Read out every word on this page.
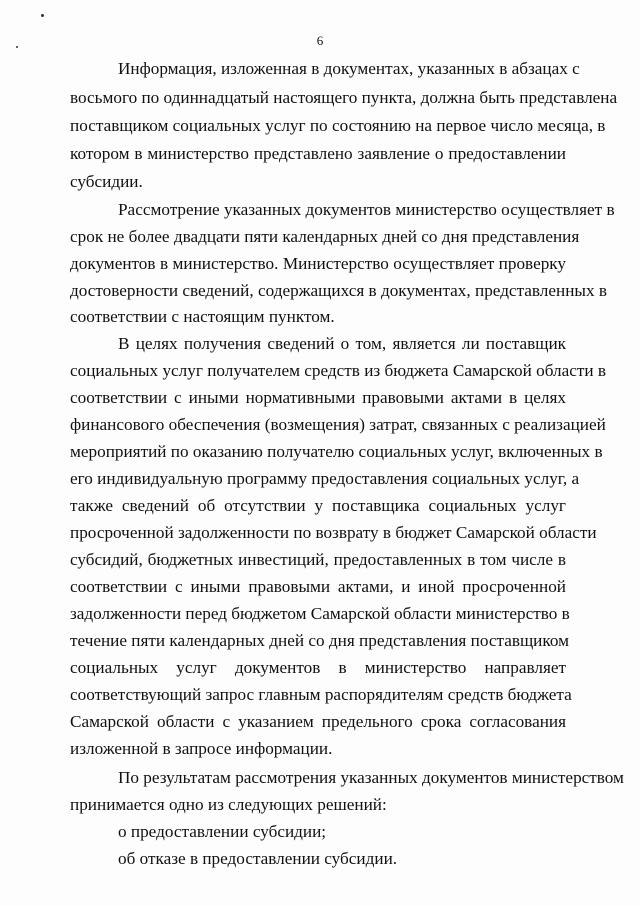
6
Информация, изложенная в документах, указанных в абзацах с
восьмого по одиннадцатый настоящего пункта, должна быть представлена
поставщиком социальных услуг по состоянию на первое число месяца, в
котором в министерство представлено заявление о предоставлении
субсидии.
Рассмотрение указанных документов министерство осуществляет в
срок не более двадцати пяти календарных дней со дня представления
документов в министерство. Министерство осуществляет проверку
достоверности сведений, содержащихся в документах, представленных в
соответствии с настоящим пунктом.
В целях получения сведений о том, является ли поставщик
социальных услуг получателем средств из бюджета Самарской области в
соответствии с иными нормативными правовыми актами в целях
финансового обеспечения (возмещения) затрат, связанных с реализацией
мероприятий по оказанию получателю социальных услуг, включенных в
его индивидуальную программу предоставления социальных услуг, а
также сведений об отсутствии у поставщика социальных услуг
просроченной задолженности по возврату в бюджет Самарской области
субсидий, бюджетных инвестиций, предоставленных в том числе в
соответствии с иными правовыми актами, и иной просроченной
задолженности перед бюджетом Самарской области министерство в
течение пяти календарных дней со дня представления поставщиком
социальных услуг документов в министерство направляет
соответствующий запрос главным распорядителям средств бюджета
Самарской области с указанием предельного срока согласования
изложенной в запросе информации.
По результатам рассмотрения указанных документов министерством
принимается одно из следующих решений:
о предоставлении субсидии;
об отказе в предоставлении субсидии.
